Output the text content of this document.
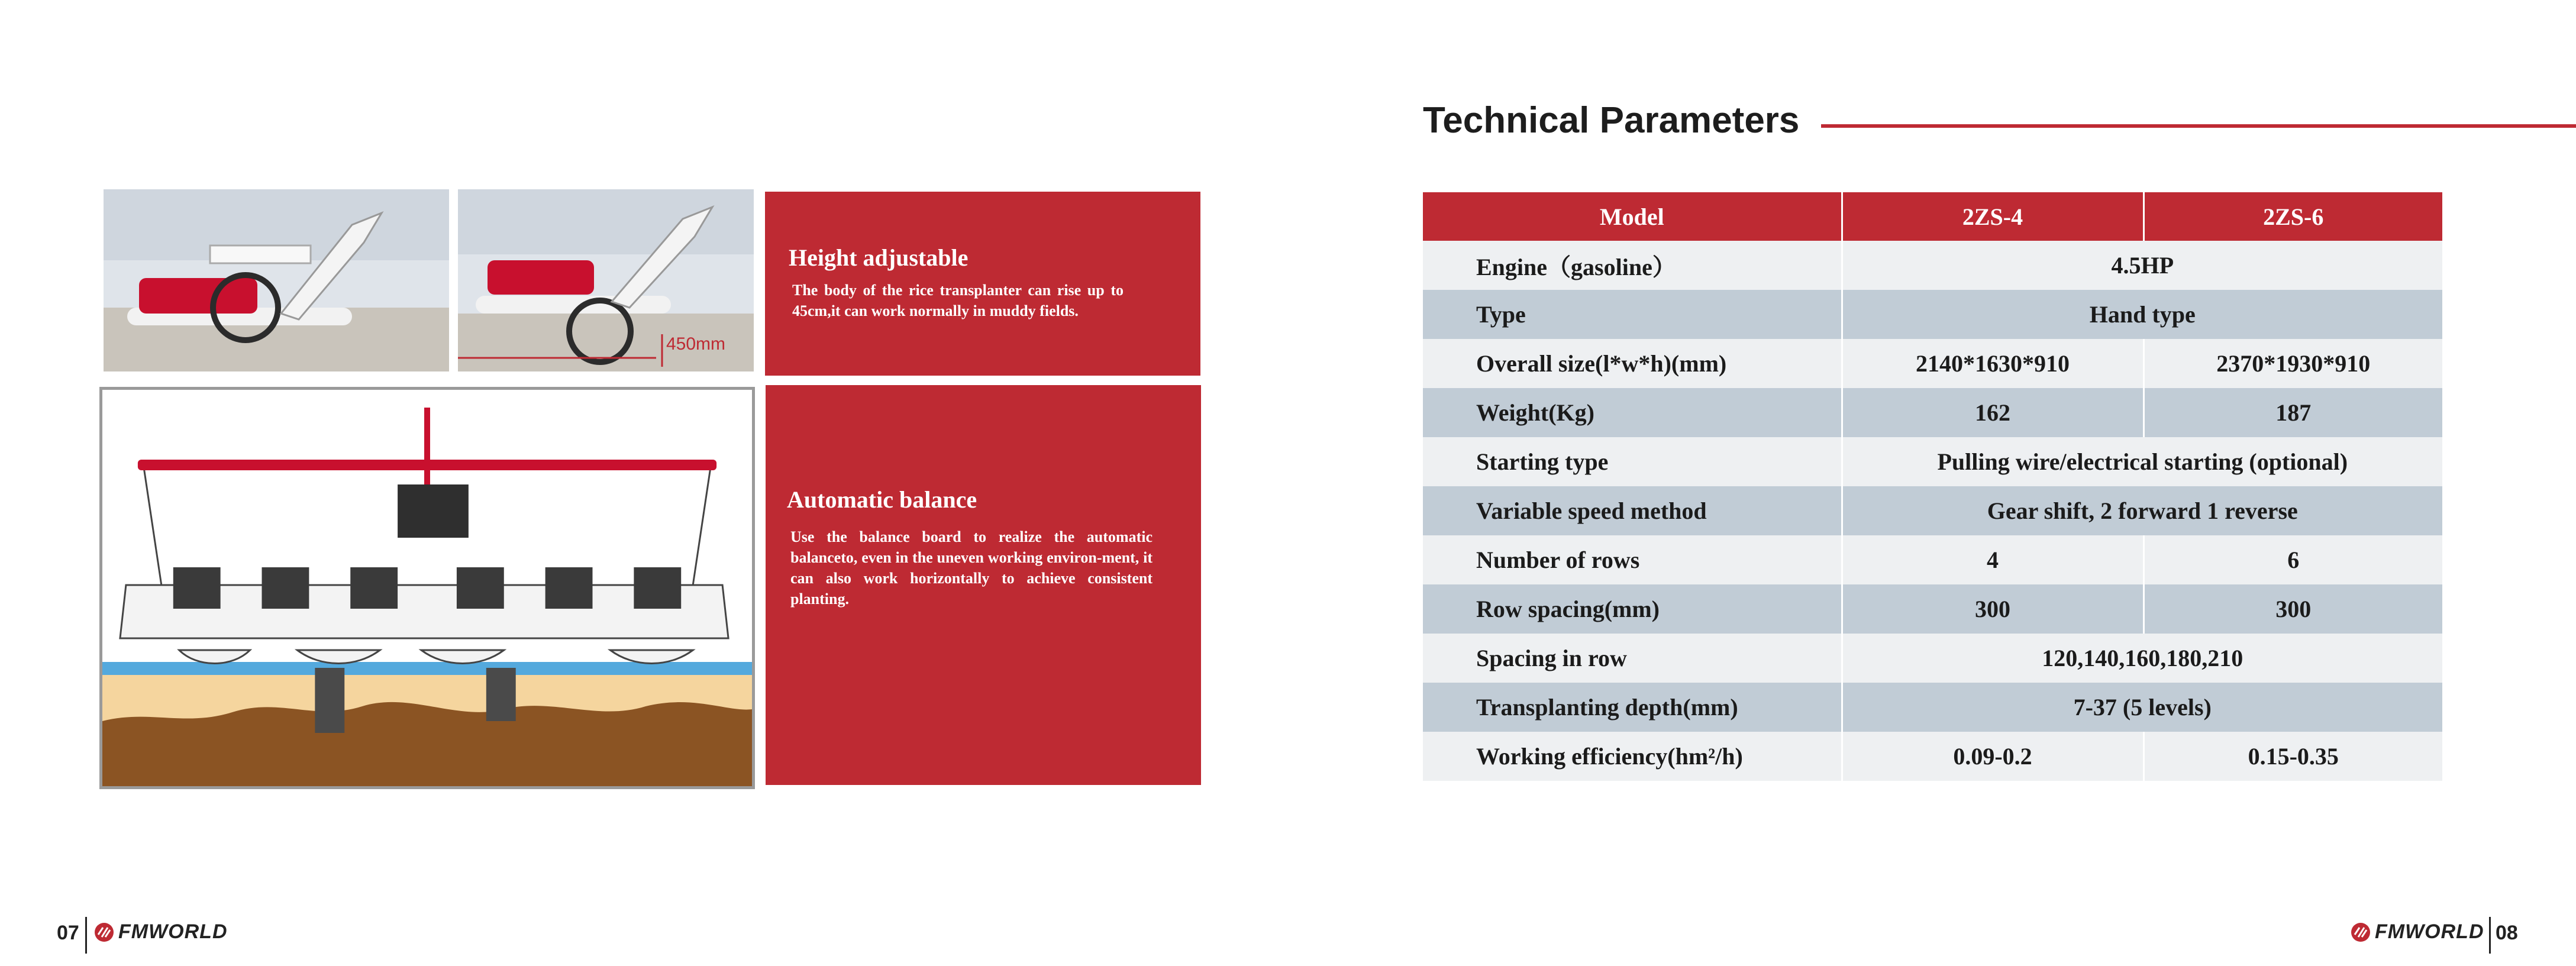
450mm
Height adjustable

The body of the rice transplanter can rise up to 45cm,it can work normally in muddy fields.

Automatic balance

Use the balance board to realize the automatic balanceto, even in the uneven working environ-ment, it can also work horizontally to achieve consistent planting.

Technical Parameters
Model	2ZS-4	2ZS-6
Engine（gasoline）	4.5HP	
Type	Hand type	
Overall size(l*w*h)(mm)	2140*1630*910	2370*1930*910
Weight(Kg)	162	187
Starting type	Pulling wire/electrical starting (optional)	
Variable speed method	Gear shift, 2 forward 1 reverse	
Number of rows	4	6
Row spacing(mm)	300	300
Spacing in row	120,140,160,180,210	
Transplanting depth(mm)	7-37 (5 levels)	
Working efficiency(hm²/h)	0.09-0.2	0.15-0.35
07 FMWORLD	FMWORLD 08
